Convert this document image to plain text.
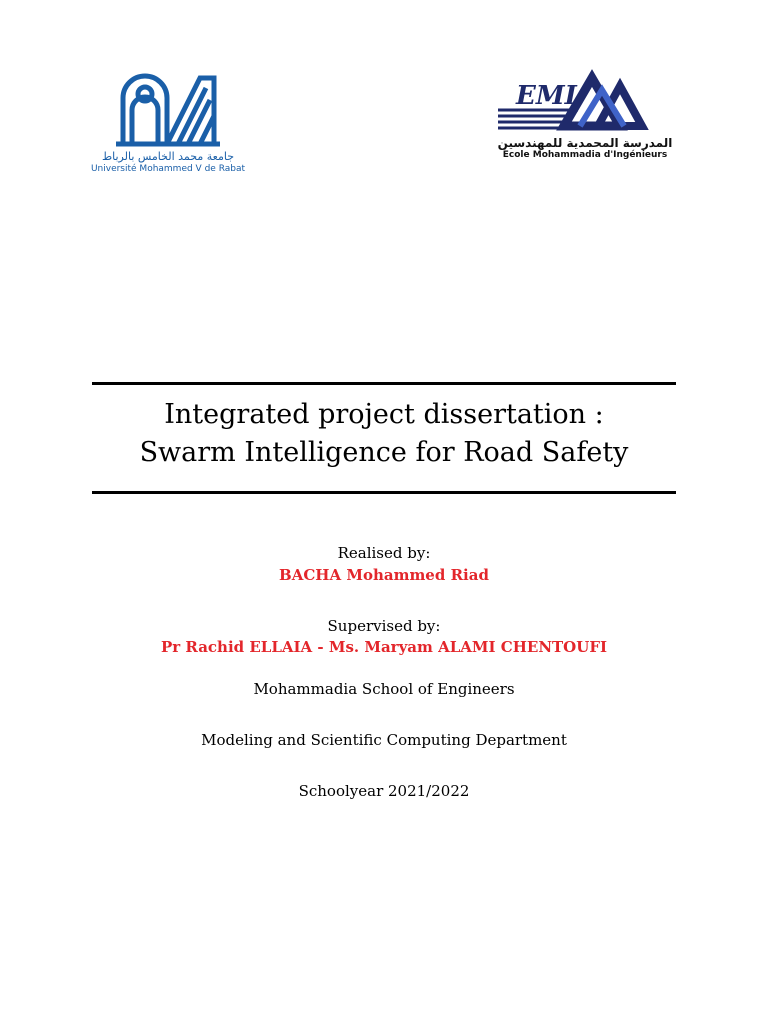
جامعة محمد الخامس بالرباط
Université Mohammed V de Rabat
EMI
المدرسة المحمدية للمهندسين
Ecole Mohammadia d'Ingénieurs
Integrated project dissertation :
Swarm Intelligence for Road Safety
Realised by:
BACHA Mohammed Riad
Supervised by:
Pr Rachid ELLAIA - Ms. Maryam ALAMI CHENTOUFI
Mohammadia School of Engineers
Modeling and Scientific Computing Department
Schoolyear 2021/2022
